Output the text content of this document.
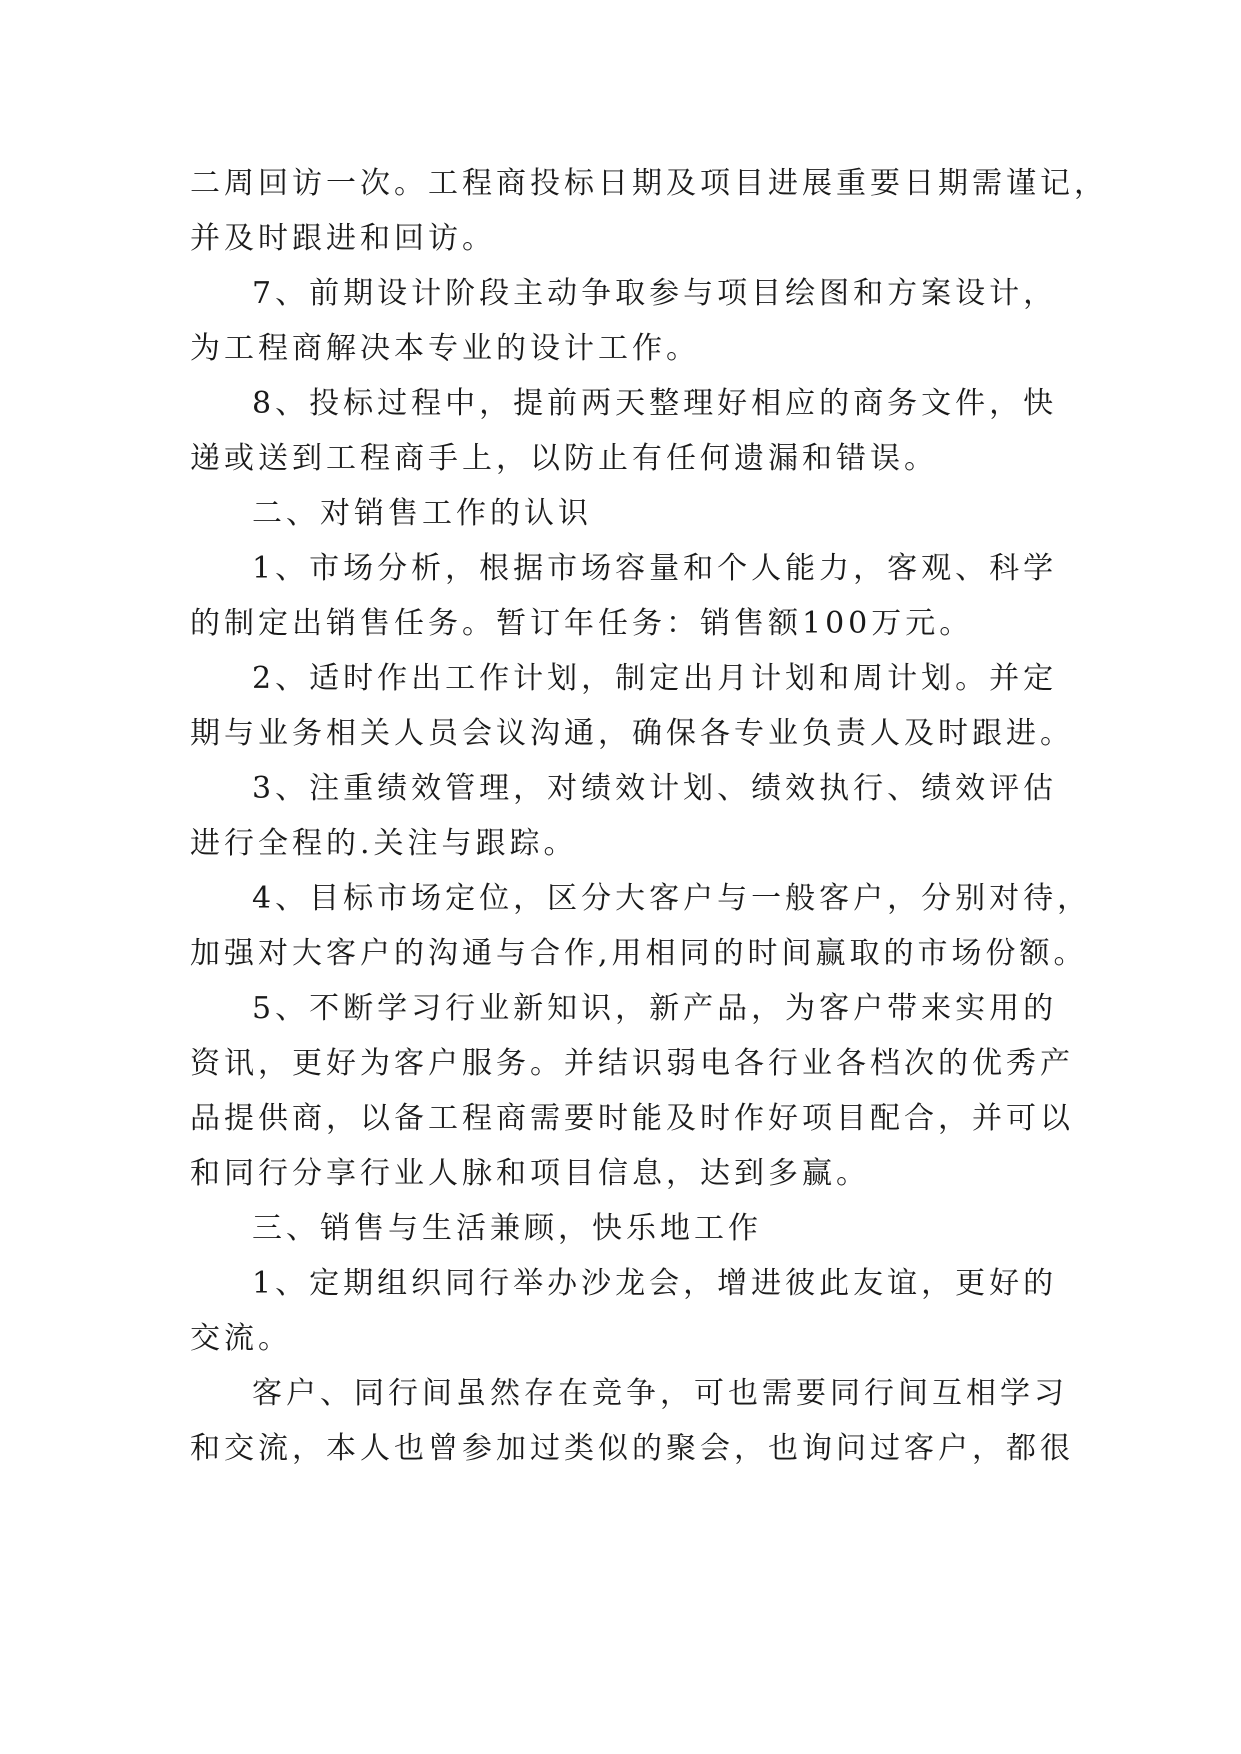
二周回访一次。工程商投标日期及项目进展重要日期需谨记，
并及时跟进和回访。
7、前期设计阶段主动争取参与项目绘图和方案设计，
为工程商解决本专业的设计工作。
8、投标过程中，提前两天整理好相应的商务文件，快
递或送到工程商手上，以防止有任何遗漏和错误。
二、对销售工作的认识
1、市场分析，根据市场容量和个人能力，客观、科学
的制定出销售任务。暂订年任务：销售额100万元。
2、适时作出工作计划，制定出月计划和周计划。并定
期与业务相关人员会议沟通，确保各专业负责人及时跟进。
3、注重绩效管理，对绩效计划、绩效执行、绩效评估
进行全程的.关注与跟踪。
4、目标市场定位，区分大客户与一般客户，分别对待，
加强对大客户的沟通与合作,用相同的时间赢取的市场份额。
5、不断学习行业新知识，新产品，为客户带来实用的
资讯，更好为客户服务。并结识弱电各行业各档次的优秀产
品提供商，以备工程商需要时能及时作好项目配合，并可以
和同行分享行业人脉和项目信息，达到多赢。
三、销售与生活兼顾，快乐地工作
1、定期组织同行举办沙龙会，增进彼此友谊，更好的
交流。
客户、同行间虽然存在竞争，可也需要同行间互相学习
和交流，本人也曾参加过类似的聚会，也询问过客户，都很
